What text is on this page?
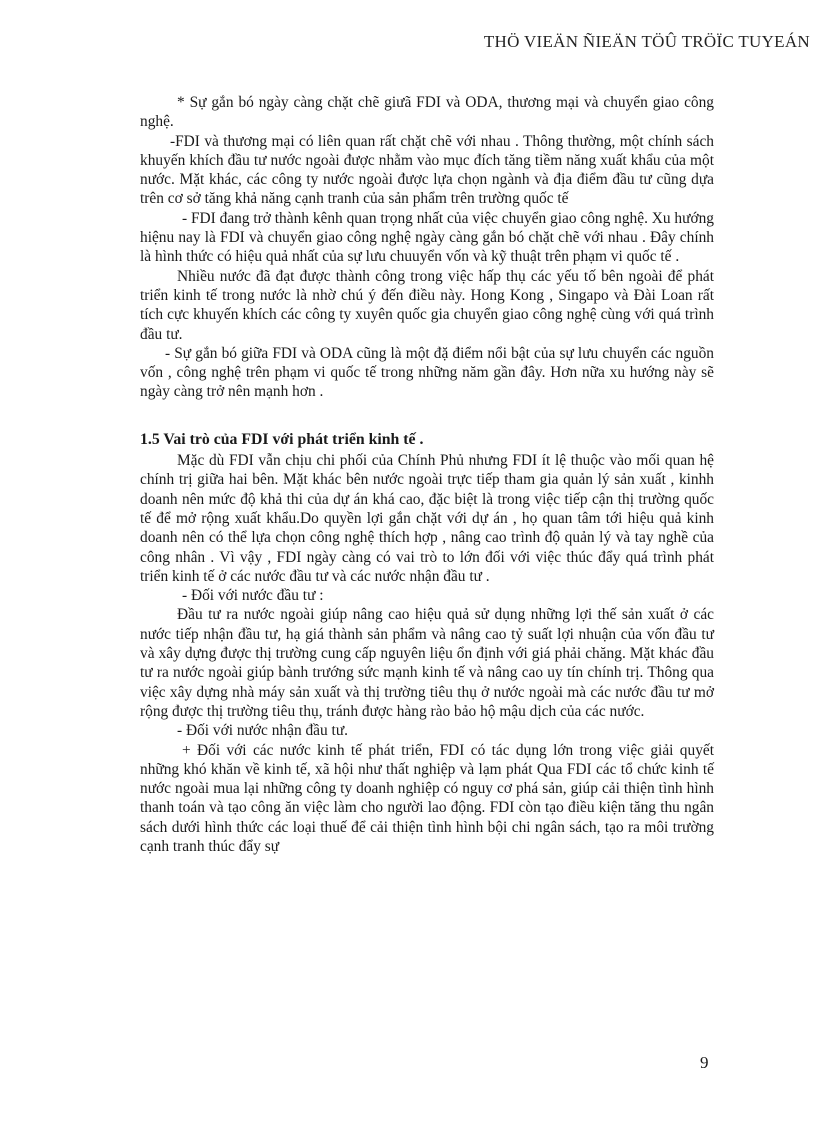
THÖ VIEÄN ÑIEÄN TÖÛ TRÖÏC TUYEÁN

* Sự gắn bó ngày càng chặt chẽ giưã FDI và ODA, thương mại và chuyển giao công nghệ.

-FDI và thương mại có liên quan rất chặt chẽ với nhau . Thông thường, một chính sách khuyến khích đầu tư nước ngoài được nhằm vào mục đích tăng tiềm năng xuất khẩu của một nước. Mặt khác, các công ty nước ngoài được lựa chọn ngành và địa điểm đầu tư cũng dựa trên cơ sở tăng khả năng cạnh tranh của sản phẩm trên trường quốc tế

- FDI đang trở thành kênh quan trọng nhất của việc chuyển giao công nghệ. Xu hướng hiệnu nay là FDI và chuyển giao công nghệ ngày càng gắn bó chặt chẽ với nhau . Đây chính là hình thức có hiệu quả nhất của sự lưu chuuyển vốn và kỹ thuật trên phạm vi quốc tế .

Nhiều nước đã đạt được thành công trong việc hấp thụ các yếu tố bên ngoài để phát triển kinh tế trong nước là nhờ chú ý đến điều này. Hong Kong , Singapo và Đài Loan rất tích cực khuyến khích các công ty xuyên quốc gia chuyển giao công nghệ cùng với quá trình đầu tư.

- Sự gắn bó giữa FDI và ODA cũng là một đặ điểm nổi bật của sự lưu chuyển các nguồn vốn , công nghệ trên phạm vi quốc tế trong những năm gần đây. Hơn nữa xu hướng này sẽ ngày càng trở nên mạnh hơn .

1.5 Vai trò của FDI với phát triển kinh tế .

Mặc dù FDI vẫn chịu chi phối của Chính Phủ nhưng FDI ít lệ thuộc vào mối quan hệ chính trị giữa hai bên. Mặt khác bên nước ngoài trực tiếp tham gia quản lý sản xuất , kinhh doanh nên mức độ khả thi của dự án khá cao, đặc biệt là trong việc tiếp cận thị trường quốc tế để mở rộng xuất khẩu.Do quyền lợi gắn chặt với dự án , họ quan tâm tới hiệu quả kinh doanh nên có thể lựa chọn công nghệ thích hợp , nâng cao trình độ quản lý và tay nghề của công nhân . Vì vậy , FDI ngày càng có vai trò to lớn đối với việc thúc đẩy quá trình phát triển kinh tế ở các nước đầu tư và các nước nhận đầu tư .

- Đối với nước đầu tư :

Đầu tư ra nước ngoài giúp nâng cao hiệu quả sử dụng những lợi thế sản xuất ở các nước tiếp nhận đầu tư, hạ giá thành sản phẩm và nâng cao tỷ suất lợi nhuận của vốn đầu tư và xây dựng được thị trường cung cấp nguyên liệu ổn định với giá phải chăng. Mặt khác đầu tư ra nước ngoài giúp bành trướng sức mạnh kinh tế và nâng cao uy tín chính trị. Thông qua việc xây dựng nhà máy sản xuất và thị trường tiêu thụ ở nước ngoài mà các nước đầu tư mở rộng được thị trường tiêu thụ, tránh được hàng rào bảo hộ mậu dịch của các nước.

- Đối với nước nhận đầu tư.

+ Đối với các nước kinh tế phát triển, FDI có tác dụng lớn trong việc giải quyết những khó khăn về kinh tế, xã hội như thất nghiệp và lạm phát Qua FDI các tổ chức kinh tế nước ngoài mua lại những công ty doanh nghiệp có nguy cơ phá sản, giúp cải thiện tình hình thanh toán và tạo công ăn việc làm cho người lao động. FDI còn tạo điều kiện tăng thu ngân sách dưới hình thức các loại thuế để cải thiện tình hình bội chi ngân sách, tạo ra môi trường cạnh tranh thúc đẩy sự

9
